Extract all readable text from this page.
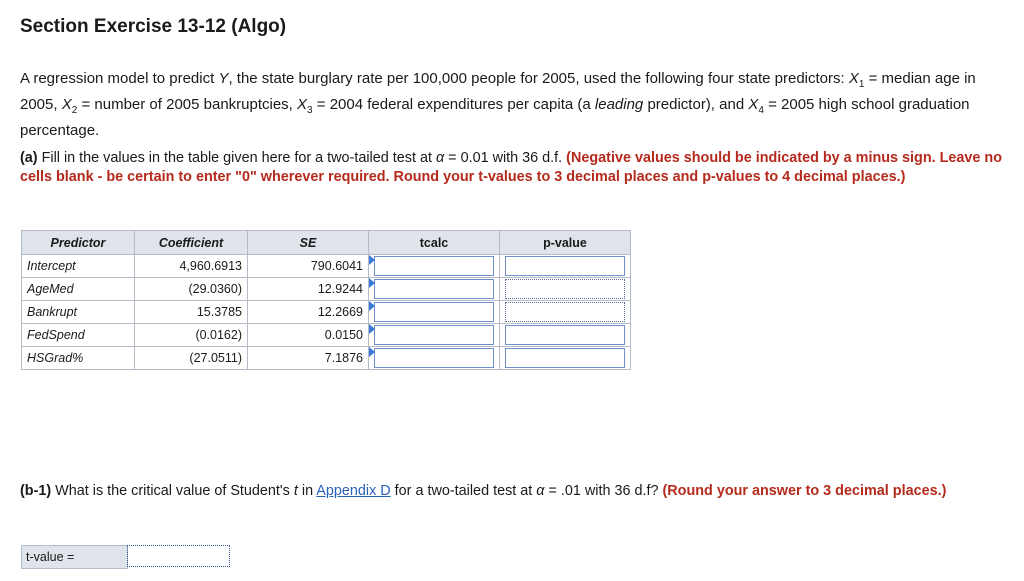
Section Exercise 13-12 (Algo)
A regression model to predict Y, the state burglary rate per 100,000 people for 2005, used the following four state predictors: $X_1$ = median age in 2005, $X_2$ = number of 2005 bankruptcies, $X_3 = 2004$ federal expenditures per capita (a leading predictor), and $X_4 = 2005$ high school graduation percentage.
(a) Fill in the values in the table given here for a two-tailed test at α = 0.01 with 36 d.f. (Negative values should be indicated by a minus sign. Leave no cells blank - be certain to enter "0" wherever required. Round your t-values to 3 decimal places and p-values to 4 decimal places.)
Predictor	Coefficient	SE	tcalc	p-value
Intercept	4,960.6913	790.6041	

AgeMed	(29.0360)	12.9244	

Bankrupt	15.3785	12.2669	

FedSpend	(0.0162)	0.0150	

HSGrad%	(27.0511)	7.1876	

(b-1) What is the critical value of Student's t in Appendix D for a two-tailed test at α = .01 with 36 d.f? (Round your answer to 3 decimal places.)
t-value =
